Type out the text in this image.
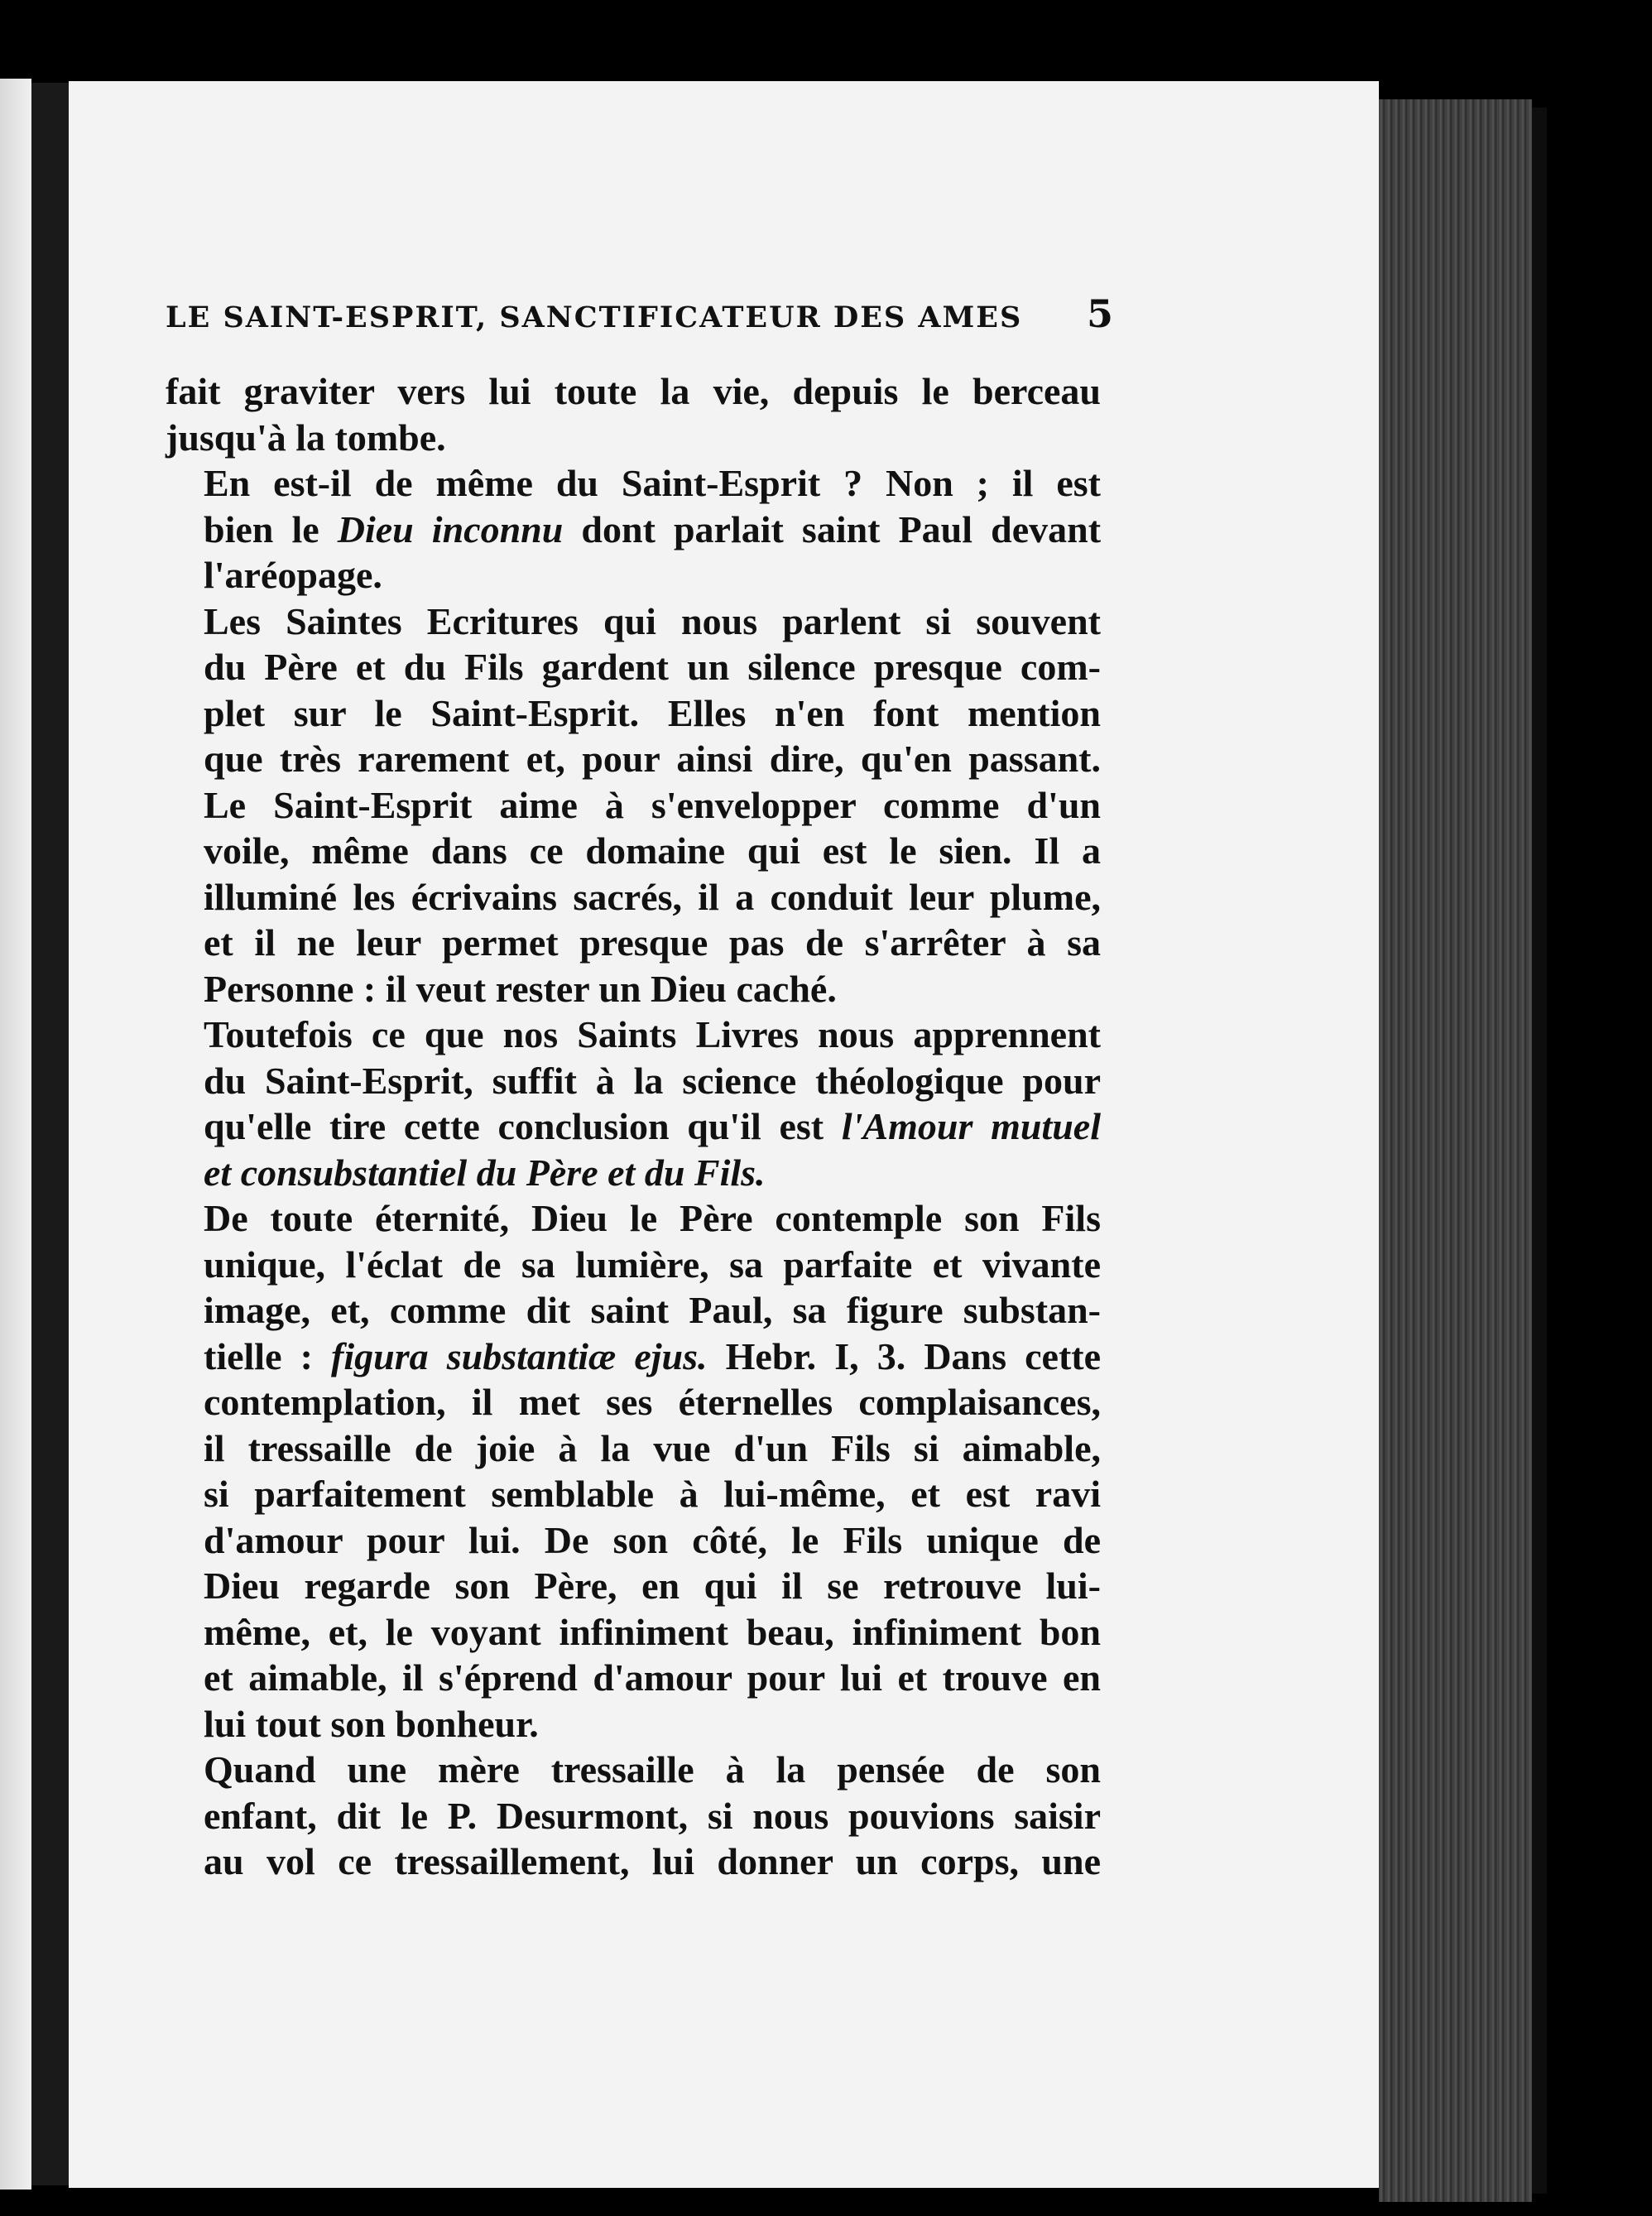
LE SAINT-ESPRIT, SANCTIFICATEUR DES AMES 5

fait graviter vers lui toute la vie, depuis le berceau
jusqu'à la tombe.

En est-il de même du Saint-Esprit ? Non ; il est
bien le Dieu inconnu dont parlait saint Paul devant
l'aréopage.

Les Saintes Ecritures qui nous parlent si souvent
du Père et du Fils gardent un silence presque com-
plet sur le Saint-Esprit. Elles n'en font mention
que très rarement et, pour ainsi dire, qu'en passant.
Le Saint-Esprit aime à s'envelopper comme d'un
voile, même dans ce domaine qui est le sien. Il a
illuminé les écrivains sacrés, il a conduit leur plume,
et il ne leur permet presque pas de s'arrêter à sa
Personne : il veut rester un Dieu caché.

Toutefois ce que nos Saints Livres nous apprennent
du Saint-Esprit, suffit à la science théologique pour
qu'elle tire cette conclusion qu'il est l'Amour mutuel
et consubstantiel du Père et du Fils.

De toute éternité, Dieu le Père contemple son Fils
unique, l'éclat de sa lumière, sa parfaite et vivante
image, et, comme dit saint Paul, sa figure substan-
tielle : figura substantiæ ejus. Hebr. I, 3. Dans cette
contemplation, il met ses éternelles complaisances,
il tressaille de joie à la vue d'un Fils si aimable,
si parfaitement semblable à lui-même, et est ravi
d'amour pour lui. De son côté, le Fils unique de
Dieu regarde son Père, en qui il se retrouve lui-
même, et, le voyant infiniment beau, infiniment bon
et aimable, il s'éprend d'amour pour lui et trouve en
lui tout son bonheur.

Quand une mère tressaille à la pensée de son
enfant, dit le P. Desurmont, si nous pouvions saisir
au vol ce tressaillement, lui donner un corps, une
